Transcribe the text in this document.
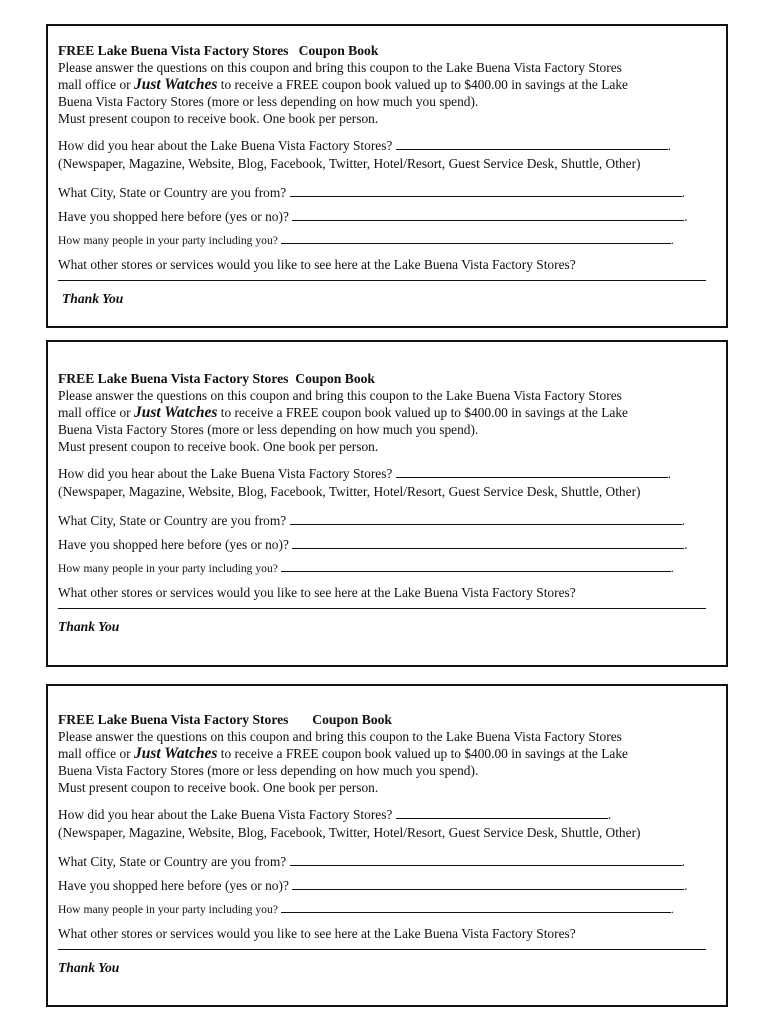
FREE Lake Buena Vista Factory Stores Coupon Book
Please answer the questions on this coupon and bring this coupon to the Lake Buena Vista Factory Stores
mall office or Just Watches to receive a FREE coupon book valued up to $400.00 in savings at the Lake
Buena Vista Factory Stores (more or less depending on how much you spend).
Must present coupon to receive book. One book per person.
How did you hear about the Lake Buena Vista Factory Stores?	.
(Newspaper, Magazine, Website, Blog, Facebook, Twitter, Hotel/Resort, Guest Service Desk, Shuttle, Other)
What City, State or Country are you from?	.
Have you shopped here before (yes or no)?	.
How many people in your party including you?	.
What other stores or services would you like to see here at the Lake Buena Vista Factory Stores?
Thank You
FREE Lake Buena Vista Factory Stores Coupon Book
Please answer the questions on this coupon and bring this coupon to the Lake Buena Vista Factory Stores
mall office or Just Watches to receive a FREE coupon book valued up to $400.00 in savings at the Lake
Buena Vista Factory Stores (more or less depending on how much you spend).
Must present coupon to receive book. One book per person.
How did you hear about the Lake Buena Vista Factory Stores?	.
(Newspaper, Magazine, Website, Blog, Facebook, Twitter, Hotel/Resort, Guest Service Desk, Shuttle, Other)
What City, State or Country are you from?	.
Have you shopped here before (yes or no)?	.
How many people in your party including you?	.
What other stores or services would you like to see here at the Lake Buena Vista Factory Stores?
Thank You
FREE Lake Buena Vista Factory Stores Coupon Book
Please answer the questions on this coupon and bring this coupon to the Lake Buena Vista Factory Stores
mall office or Just Watches to receive a FREE coupon book valued up to $400.00 in savings at the Lake
Buena Vista Factory Stores (more or less depending on how much you spend).
Must present coupon to receive book. One book per person.
How did you hear about the Lake Buena Vista Factory Stores?	.
(Newspaper, Magazine, Website, Blog, Facebook, Twitter, Hotel/Resort, Guest Service Desk, Shuttle, Other)
What City, State or Country are you from?	.
Have you shopped here before (yes or no)?	.
How many people in your party including you?	.
What other stores or services would you like to see here at the Lake Buena Vista Factory Stores?
Thank You
